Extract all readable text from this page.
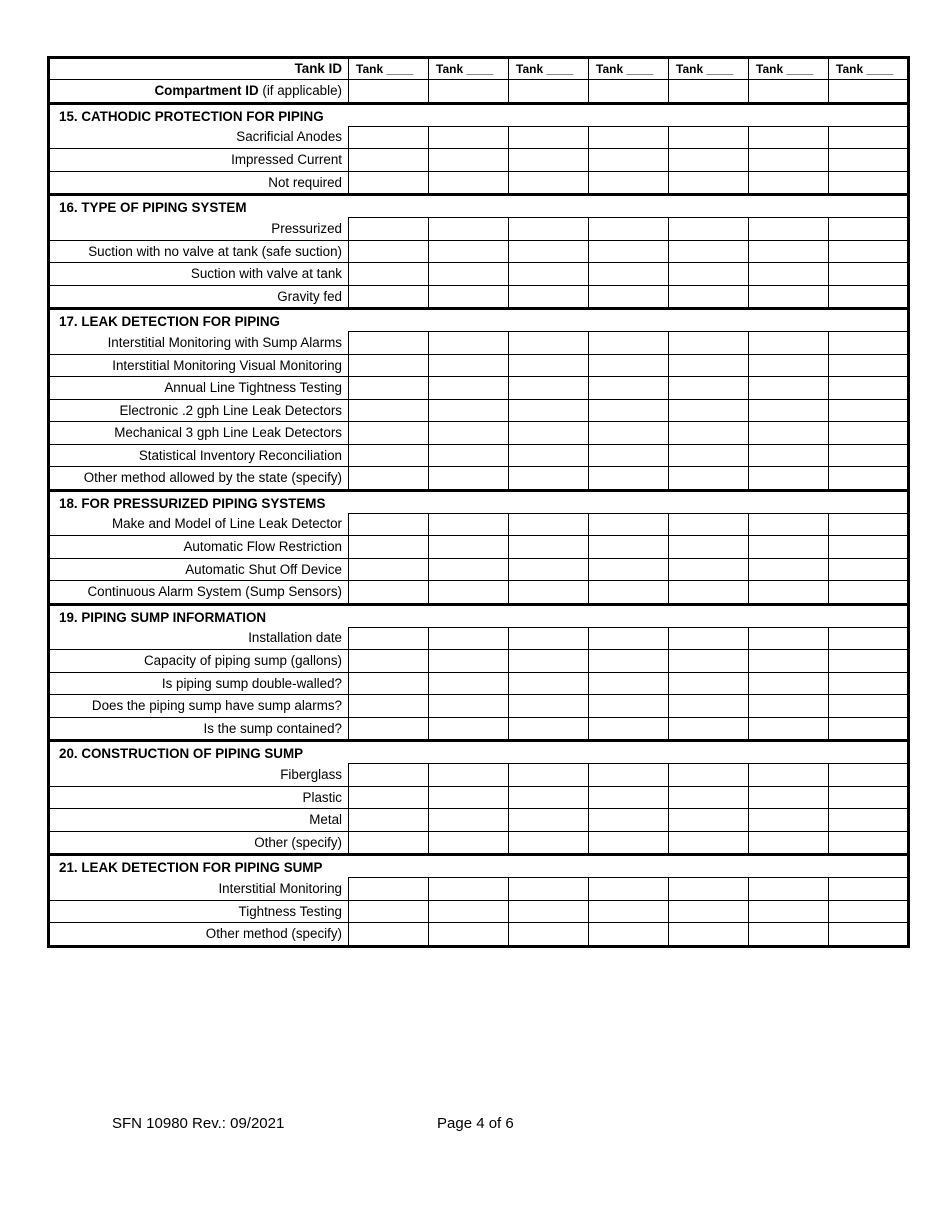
Tank ID	Tank ____	Tank ____	Tank ____	Tank ____	Tank ____	Tank ____	Tank ____
Compartment ID (if applicable)							
15. CATHODIC PROTECTION FOR PIPING							
Sacrificial Anodes							
Impressed Current							
Not required							
16. TYPE OF PIPING SYSTEM							
Pressurized							
Suction with no valve at tank (safe suction)							
Suction with valve at tank							
Gravity fed							
17. LEAK DETECTION FOR PIPING							
Interstitial Monitoring with Sump Alarms							
Interstitial Monitoring Visual Monitoring							
Annual Line Tightness Testing							
Electronic .2 gph Line Leak Detectors							
Mechanical 3 gph Line Leak Detectors							
Statistical Inventory Reconciliation							
Other method allowed by the state (specify)							
18. FOR PRESSURIZED PIPING SYSTEMS							
Make and Model of Line Leak Detector							
Automatic Flow Restriction							
Automatic Shut Off Device							
Continuous Alarm System (Sump Sensors)							
19. PIPING SUMP INFORMATION							
Installation date							
Capacity of piping sump (gallons)							
Is piping sump double-walled?							
Does the piping sump have sump alarms?							
Is the sump contained?							
20. CONSTRUCTION OF PIPING SUMP							
Fiberglass							
Plastic							
Metal							
Other (specify)							
21. LEAK DETECTION FOR PIPING SUMP							
Interstitial Monitoring							
Tightness Testing							
Other method (specify)							
SFN 10980 Rev.: 09/2021	Page 4 of 6
